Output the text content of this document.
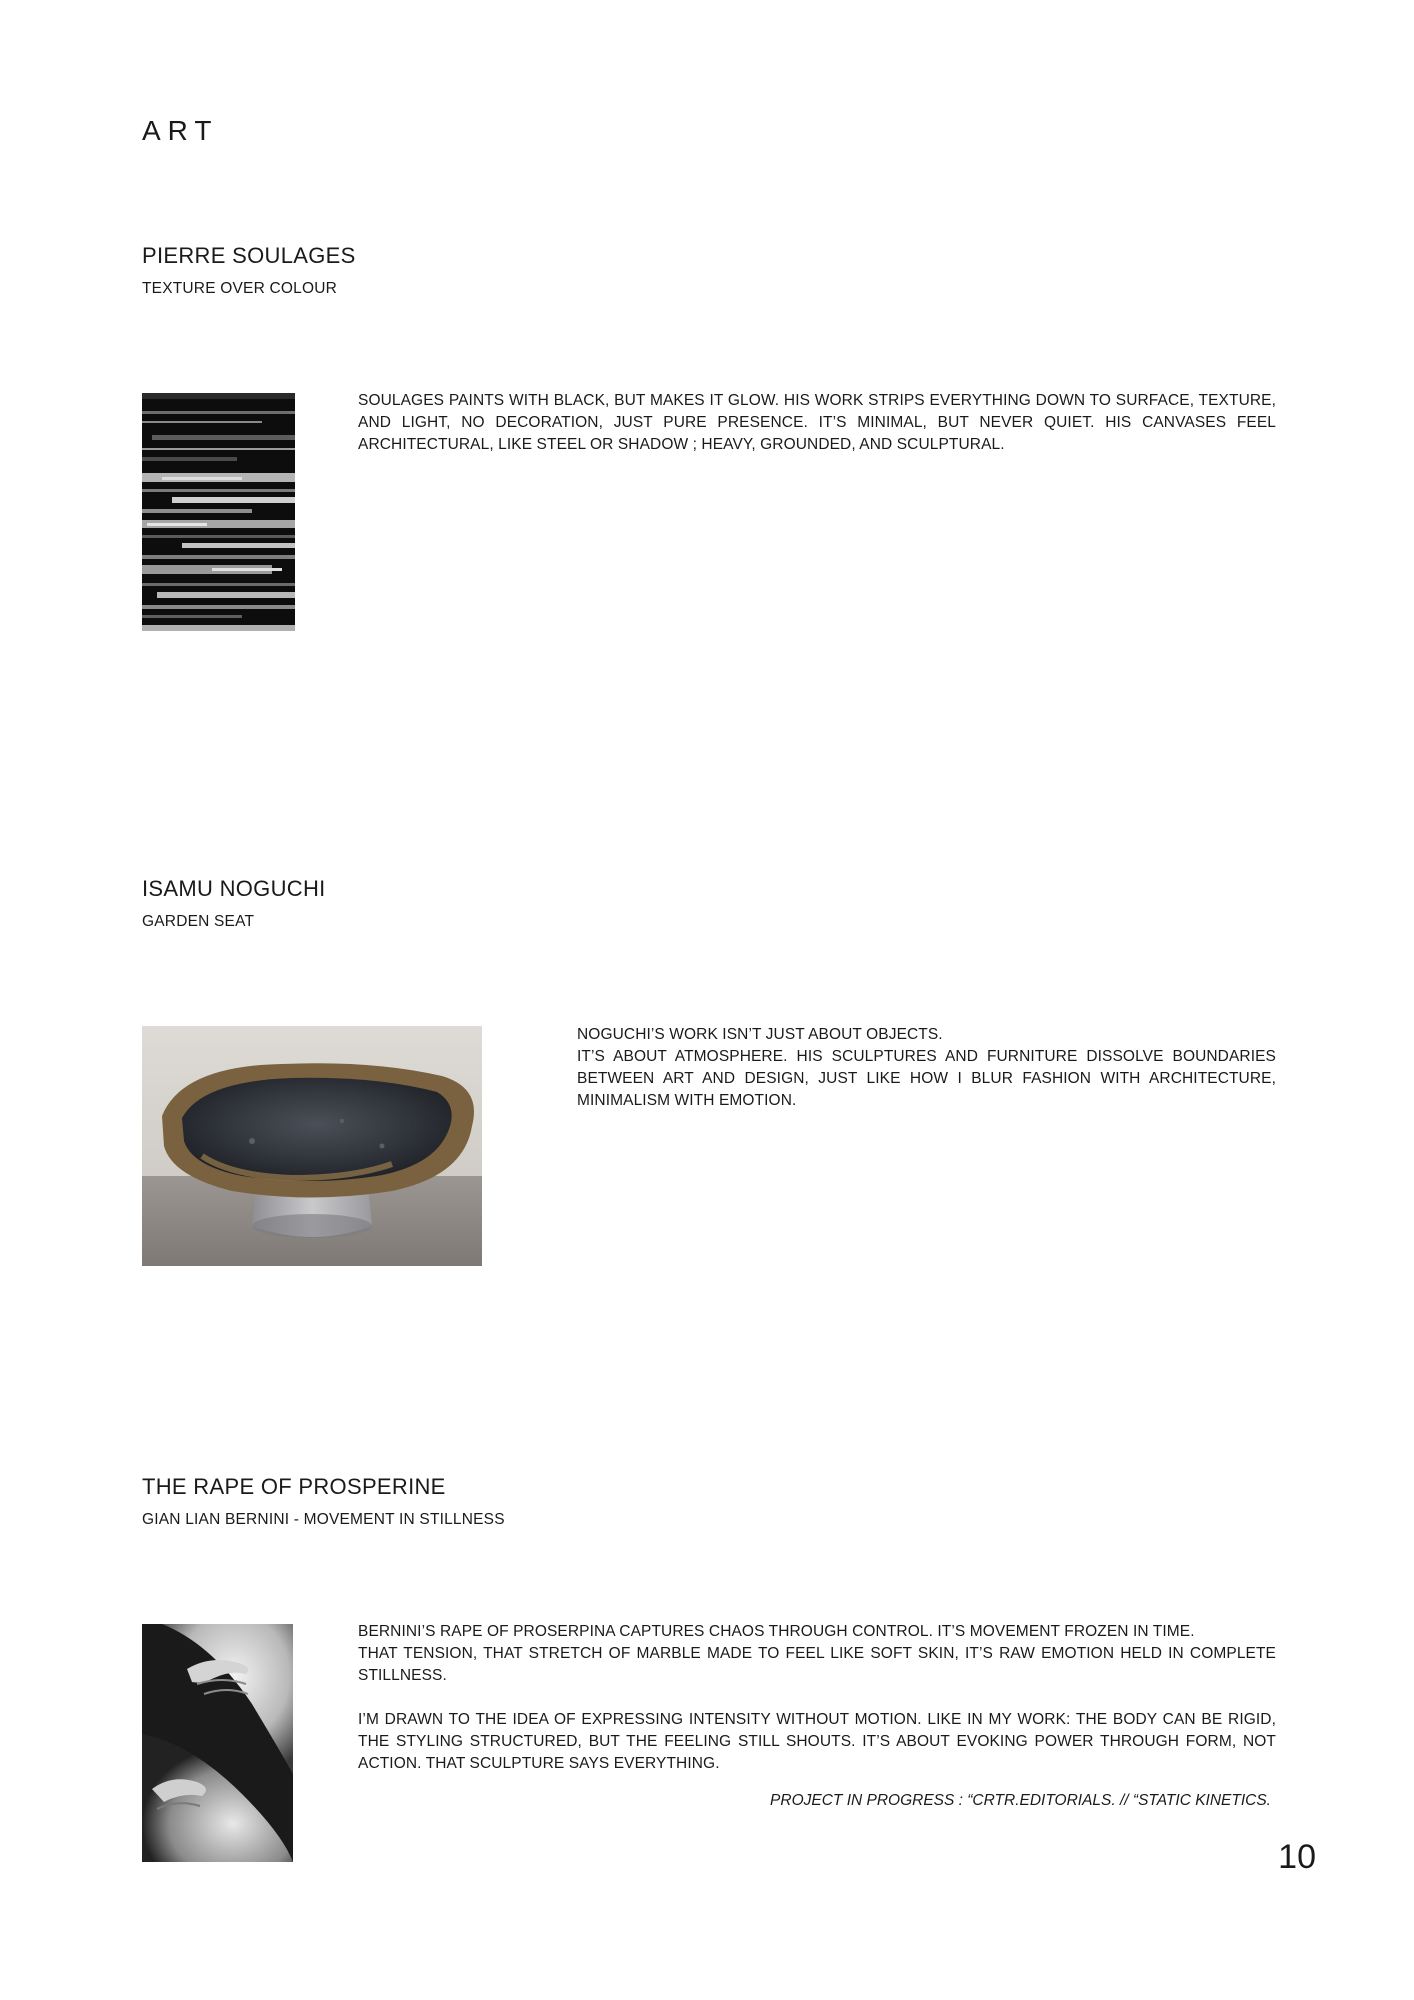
ART
PIERRE SOULAGES
TEXTURE OVER COLOUR

SOULAGES PAINTS WITH BLACK, BUT MAKES IT GLOW. HIS WORK STRIPS EVERYTHING DOWN TO SURFACE, TEXTURE, AND LIGHT, NO DECORATION, JUST PURE PRESENCE. IT’S MINIMAL, BUT NEVER QUIET. HIS CANVASES FEEL ARCHITECTURAL, LIKE STEEL OR SHADOW ; HEAVY, GROUNDED, AND SCULPTURAL.

ISAMU NOGUCHI
GARDEN SEAT

NOGUCHI’S WORK ISN’T JUST ABOUT OBJECTS.

IT’S ABOUT ATMOSPHERE. HIS SCULPTURES AND FURNITURE DISSOLVE BOUNDARIES BETWEEN ART AND DESIGN, JUST LIKE HOW I BLUR FASHION WITH ARCHITECTURE, MINIMALISM WITH EMOTION.

THE RAPE OF PROSPERINE
GIAN LIAN BERNINI - MOVEMENT IN STILLNESS

BERNINI’S RAPE OF PROSERPINA CAPTURES CHAOS THROUGH CONTROL. IT’S MOVEMENT FROZEN IN TIME.

THAT TENSION, THAT STRETCH OF MARBLE MADE TO FEEL LIKE SOFT SKIN, IT’S RAW EMOTION HELD IN COMPLETE STILLNESS.

I’M DRAWN TO THE IDEA OF EXPRESSING INTENSITY WITHOUT MOTION. LIKE IN MY WORK: THE BODY CAN BE RIGID, THE STYLING STRUCTURED, BUT THE FEELING STILL SHOUTS. IT’S ABOUT EVOKING POWER THROUGH FORM, NOT ACTION. THAT SCULPTURE SAYS EVERYTHING.

PROJECT IN PROGRESS : “CRTR.EDITORIALS. // “STATIC KINETICS.
10
